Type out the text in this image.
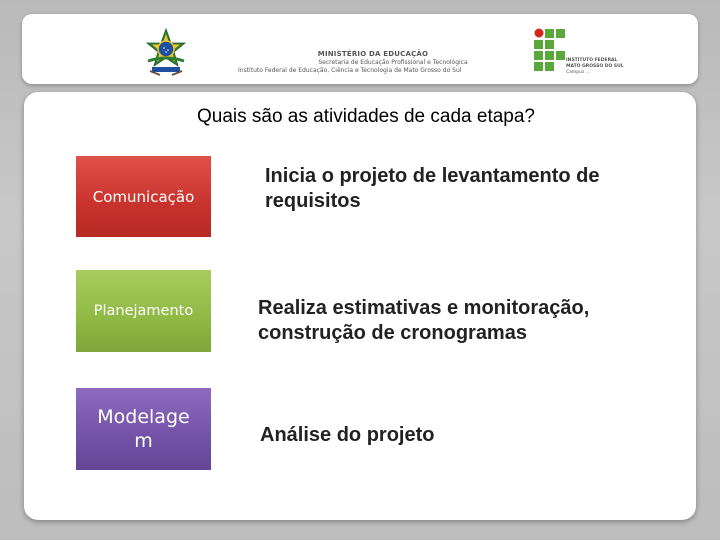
MINISTÉRIO DA EDUCAÇÃO
Secretaria de Educação Profissional e Tecnológica
Instituto Federal de Educação, Ciência e Tecnologia de Mato Grosso do Sul
INSTITUTO FEDERAL
MATO GROSSO DO SUL
Campus ...
Quais são as atividades de cada etapa?
Comunicação
Inicia o projeto de levantamento de requisitos
Planejamento	Realiza estimativas e monitoração, construção de cronogramas
Modelage m	Análise do projeto
